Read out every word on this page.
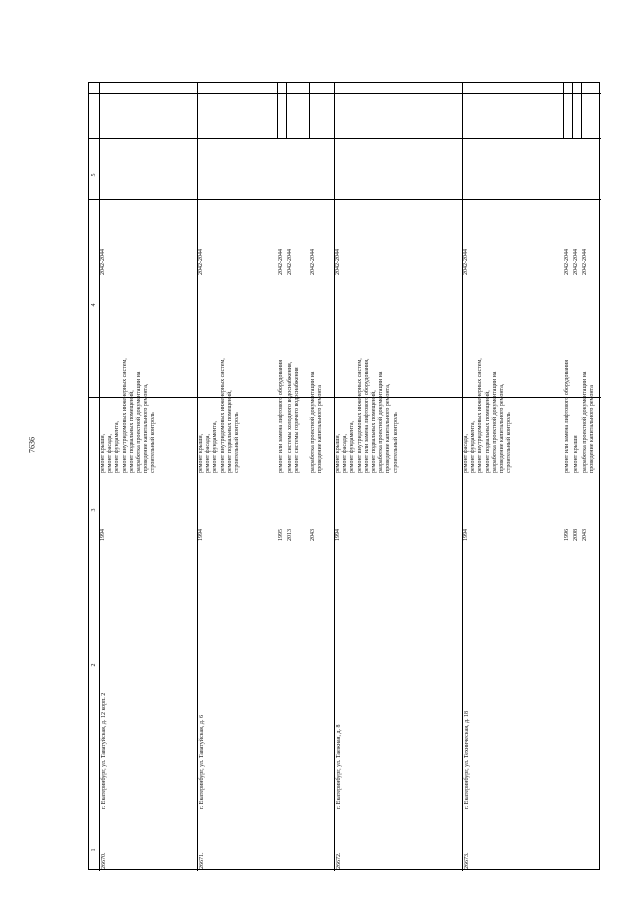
7636
1
2
3
4
5
26670.
г. Екатеринбург, ул. Таватуйская, д. 12 корп. 2
1994
ремонт крыши,
ремонт фасада,
ремонт фундамента,
ремонт внутридомовых инженерных систем,
ремонт подвальных помещений,
разработка проектной документации на
проведение капитального ремонта,
строительный контроль
2042-2044
26671.
г. Екатеринбург, ул. Таватуйская, д. 6
1994
ремонт крыши,
ремонт фасада,
ремонт фундамента,
ремонт внутридомовых инженерных систем,
ремонт подвальных помещений,
строительный контроль
2042-2044
1995
ремонт или замена лифтового оборудования
2042-2044
2013
ремонт системы холодного водоснабжения,
ремонт системы горячего водоснабжения
2042-2044
2043
разработка проектной документации на
проведение капитального ремонта
2042-2044
26672.
г. Екатеринбург, ул. Таежная, д. 8
1994
ремонт крыши,
ремонт фасада,
ремонт фундамента,
ремонт внутридомовых инженерных систем,
ремонт или замена лифтового оборудования,
ремонт подвальных помещений,
разработка проектной документации на
проведение капитального ремонта,
строительный контроль
2042-2044
26673.
г. Екатеринбург, ул. Техническая, д. 18
1994
ремонт фасада,
ремонт фундамента,
ремонт внутридомовых инженерных систем,
ремонт подвальных помещений,
разработка проектной документации на
проведение капитального ремонта,
строительный контроль
2042-2044
1996
ремонт или замена лифтового оборудования
2042-2044
2008
ремонт крыши
2042-2044
2043
разработка проектной документации на
проведение капитального ремонта
2042-2044
